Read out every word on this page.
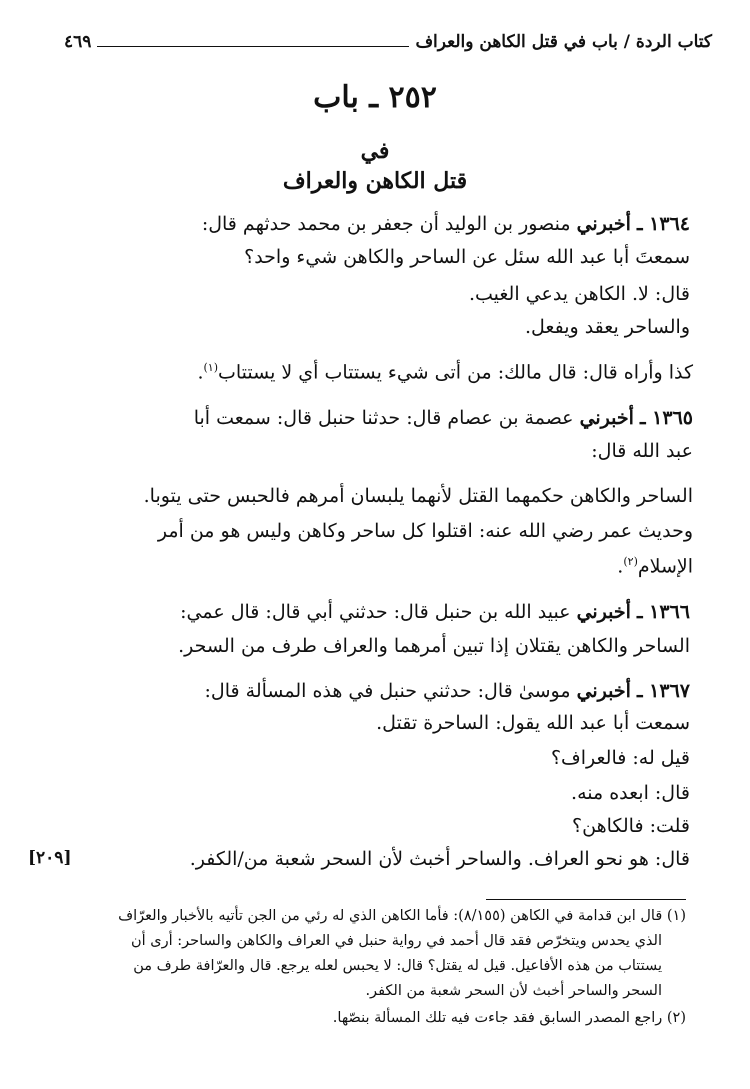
كتاب الردة / باب في قتل الكاهن والعراف
٤٦٩
٢٥٢ ـ باب
في
قتل الكاهن والعراف
١٣٦٤ ـ أخبرني منصور بن الوليد أن جعفر بن محمد حدثهم قال:
سمعتَ أبا عبد الله سئل عن الساحر والكاهن شيء واحد؟
قال: لا. الكاهن يدعي الغيب.
والساحر يعقد ويفعل.
كذا وأراه قال: قال مالك: من أتى شيء يستتاب أي لا يستتاب$^{(١)}$.
١٣٦٥ ـ أخبرني عصمة بن عصام قال: حدثنا حنبل قال: سمعت أبا
عبد الله قال:
الساحر والكاهن حكمهما القتل لأنهما يلبسان أمرهم فالحبس حتى يتوبا.
وحديث عمر رضي الله عنه: اقتلوا كل ساحر وكاهن وليس هو من أمر
الإسلام$^{(٢)}$.
١٣٦٦ ـ أخبرني عبيد الله بن حنبل قال: حدثني أبي قال: قال عمي:
الساحر والكاهن يقتلان إذا تبين أمرهما والعراف طرف من السحر.
١٣٦٧ ـ أخبرني موسىٰ قال: حدثني حنبل في هذه المسألة قال:
سمعت أبا عبد الله يقول: الساحرة تقتل.
قيل له: فالعراف؟
قال: ابعده منه.
قلت: فالكاهن؟
قال: هو نحو العراف. والساحر أخبث لأن السحر شعبة من/الكفر.
[٢٠٩]
(١) قال ابن قدامة في الكاهن (٨/١٥٥): فأما الكاهن الذي له رئي من الجن تأتيه بالأخبار والعرّاف
الذي يحدس ويتخرّص فقد قال أحمد في رواية حنبل في العراف والكاهن والساحر: أرى أن
يستتاب من هذه الأفاعيل. قيل له يقتل؟ قال: لا يحبس لعله يرجع. قال والعرّافة طرف من
السحر والساحر أخبث لأن السحر شعبة من الكفر.
(٢) راجع المصدر السابق فقد جاءت فيه تلك المسألة بنصّها.
